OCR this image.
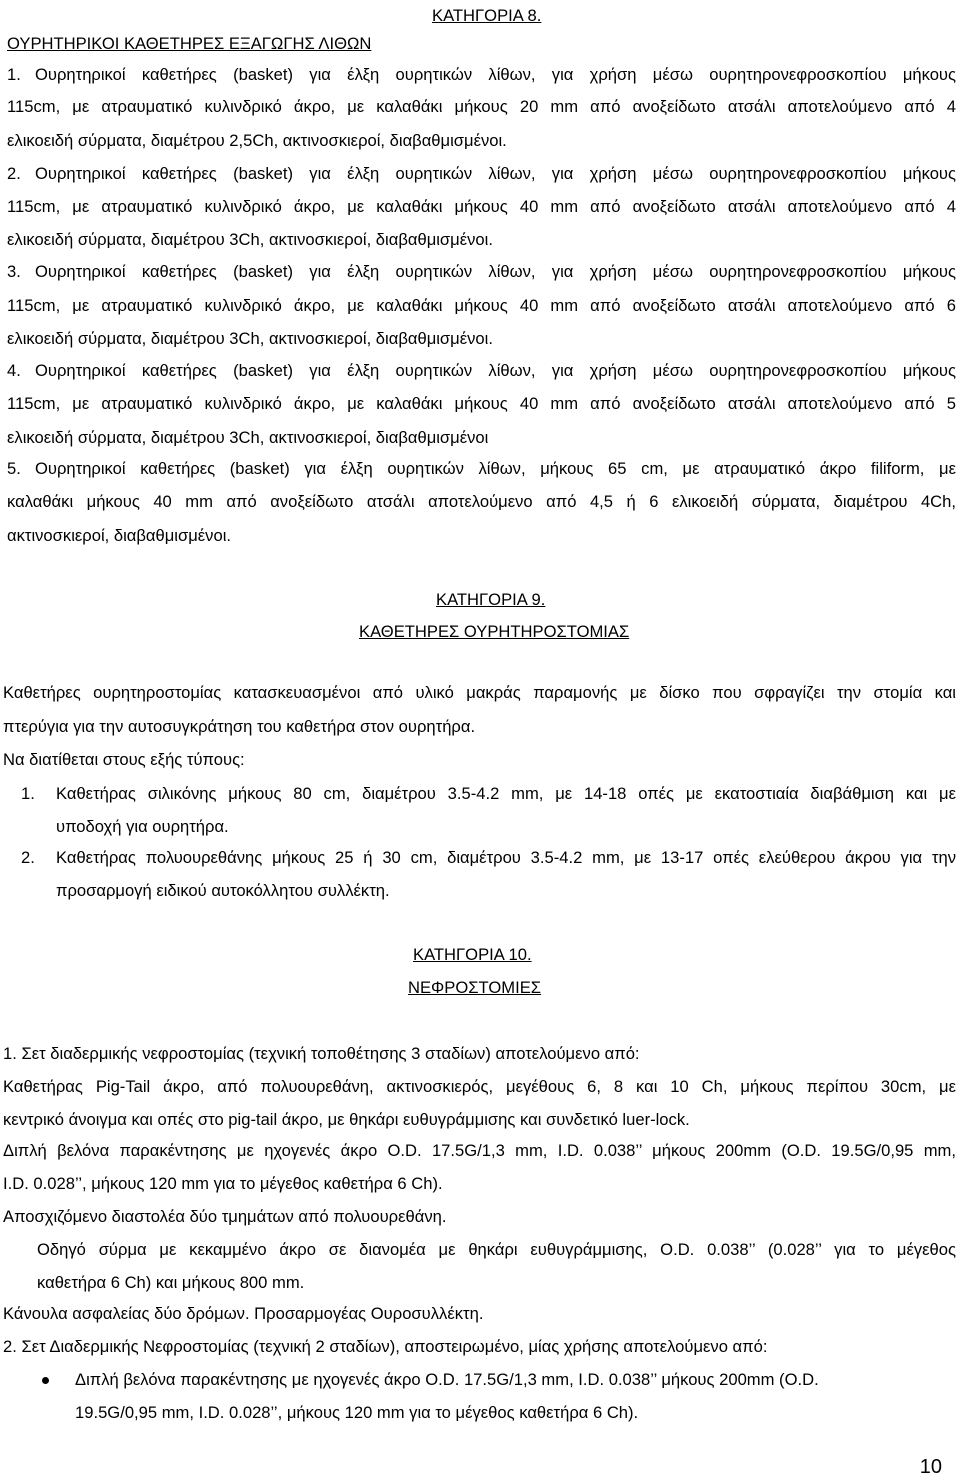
ΚΑΤΗΓΟΡΙΑ 8.
ΟΥΡΗΤΗΡΙΚΟΙ ΚΑΘΕΤΗΡΕΣ ΕΞΑΓΩΓΗΣ ΛΙΘΩΝ
1. Ουρητηρικοί καθετήρες (basket) για έλξη ουρητικών λίθων, για χρήση μέσω ουρητηρονεφροσκοπίου μήκους
115cm, με ατραυματικό κυλινδρικό άκρο, με καλαθάκι μήκους 20 mm από ανοξείδωτο ατσάλι αποτελούμενο από 4
ελικοειδή σύρματα, διαμέτρου 2,5Ch, ακτινοσκιεροί, διαβαθμισμένοι.
2. Ουρητηρικοί καθετήρες (basket) για έλξη ουρητικών λίθων, για χρήση μέσω ουρητηρονεφροσκοπίου μήκους
115cm, με ατραυματικό κυλινδρικό άκρο, με καλαθάκι μήκους 40 mm από ανοξείδωτο ατσάλι αποτελούμενο από 4
ελικοειδή σύρματα, διαμέτρου 3Ch, ακτινοσκιεροί, διαβαθμισμένοι.
3. Ουρητηρικοί καθετήρες (basket) για έλξη ουρητικών λίθων, για χρήση μέσω ουρητηρονεφροσκοπίου μήκους
115cm, με ατραυματικό κυλινδρικό άκρο, με καλαθάκι μήκους 40 mm από ανοξείδωτο ατσάλι αποτελούμενο από 6
ελικοειδή σύρματα, διαμέτρου 3Ch, ακτινοσκιεροί, διαβαθμισμένοι.
4. Ουρητηρικοί καθετήρες (basket) για έλξη ουρητικών λίθων, για χρήση μέσω ουρητηρονεφροσκοπίου μήκους
115cm, με ατραυματικό κυλινδρικό άκρο, με καλαθάκι μήκους 40 mm από ανοξείδωτο ατσάλι αποτελούμενο από 5
ελικοειδή σύρματα, διαμέτρου 3Ch, ακτινοσκιεροί, διαβαθμισμένοι
5. Ουρητηρικοί καθετήρες (basket) για έλξη ουρητικών λίθων, μήκους 65 cm, με ατραυματικό άκρο filiform, με
καλαθάκι μήκους 40 mm από ανοξείδωτο ατσάλι αποτελούμενο από 4,5 ή 6 ελικοειδή σύρματα, διαμέτρου 4Ch,
ακτινοσκιεροί, διαβαθμισμένοι.
ΚΑΤΗΓΟΡΙΑ 9.
ΚΑΘΕΤΗΡΕΣ ΟΥΡΗΤΗΡΟΣΤΟΜΙΑΣ
Καθετήρες ουρητηροστομίας κατασκευασμένοι από υλικό μακράς παραμονής με δίσκο που σφραγίζει την στομία και
πτερύγια για την αυτοσυγκράτηση του καθετήρα στον ουρητήρα.
Να διατίθεται στους εξής τύπους:
1. Καθετήρας σιλικόνης μήκους 80 cm, διαμέτρου 3.5-4.2 mm, με 14-18 οπές με εκατοστιαία διαβάθμιση και με
υποδοχή για ουρητήρα.
2. Καθετήρας πολυουρεθάνης μήκους 25 ή 30 cm, διαμέτρου 3.5-4.2 mm, με 13-17 οπές ελεύθερου άκρου για την
προσαρμογή ειδικού αυτοκόλλητου συλλέκτη.
ΚΑΤΗΓΟΡΙΑ 10.
ΝΕΦΡΟΣΤΟΜΙΕΣ
1. Σετ διαδερμικής νεφροστομίας (τεχνική τοποθέτησης 3 σταδίων) αποτελούμενο από:
Καθετήρας Pig-Tail άκρο, από πολυουρεθάνη, ακτινοσκιερός, μεγέθους 6, 8 και 10 Ch, μήκους περίπου 30cm, με
κεντρικό άνοιγμα και οπές στο pig-tail άκρο, με θηκάρι ευθυγράμμισης και συνδετικό luer-lock.
Διπλή βελόνα παρακέντησης με ηχογενές άκρο O.D. 17.5G/1,3 mm, I.D. 0.038’’ μήκους 200mm (O.D. 19.5G/0,95 mm,
I.D. 0.028’’, μήκους 120 mm για το μέγεθος καθετήρα 6 Ch).
Αποσχιζόμενο διαστολέα δύο τμημάτων από πολυουρεθάνη.
Οδηγό σύρμα με κεκαμμένο άκρο σε διανομέα με θηκάρι ευθυγράμμισης, O.D. 0.038’’ (0.028’’ για το μέγεθος
καθετήρα 6 Ch) και μήκους 800 mm.
Κάνουλα ασφαλείας δύο δρόμων. Προσαρμογέας Ουροσυλλέκτη.
2. Σετ Διαδερμικής Νεφροστομίας (τεχνική 2 σταδίων), αποστειρωμένο, μίας χρήσης αποτελούμενο από:
Διπλή βελόνα παρακέντησης με ηχογενές άκρο O.D. 17.5G/1,3 mm, I.D. 0.038’’ μήκους 200mm (O.D.
19.5G/0,95 mm, I.D. 0.028’’, μήκους 120 mm για το μέγεθος καθετήρα 6 Ch).
10
